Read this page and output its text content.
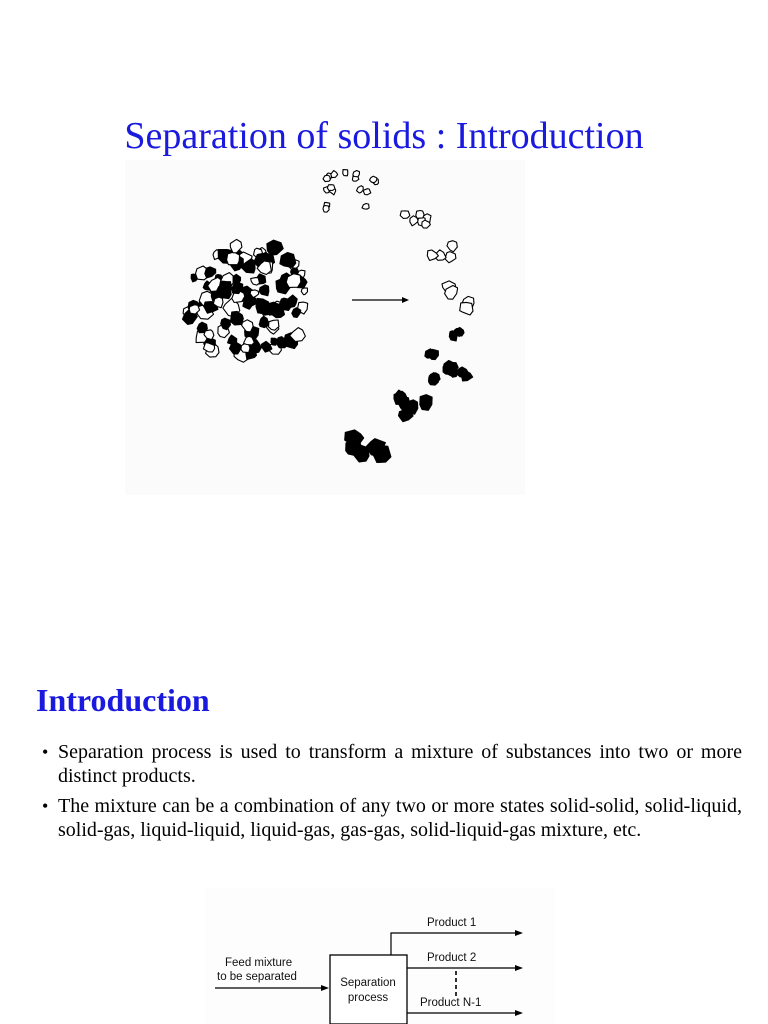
Separation of solids : Introduction
Introduction
• Separation process is used to transform a mixture of substances into two or more distinct products.
• The mixture can be a combination of any two or more states solid-solid, solid-liquid, solid-gas, liquid-liquid, liquid-gas, gas-gas, solid-liquid-gas mixture, etc.
Feed mixture
to be separated	Separation
process
Product 1
Product 2
Product N-1
